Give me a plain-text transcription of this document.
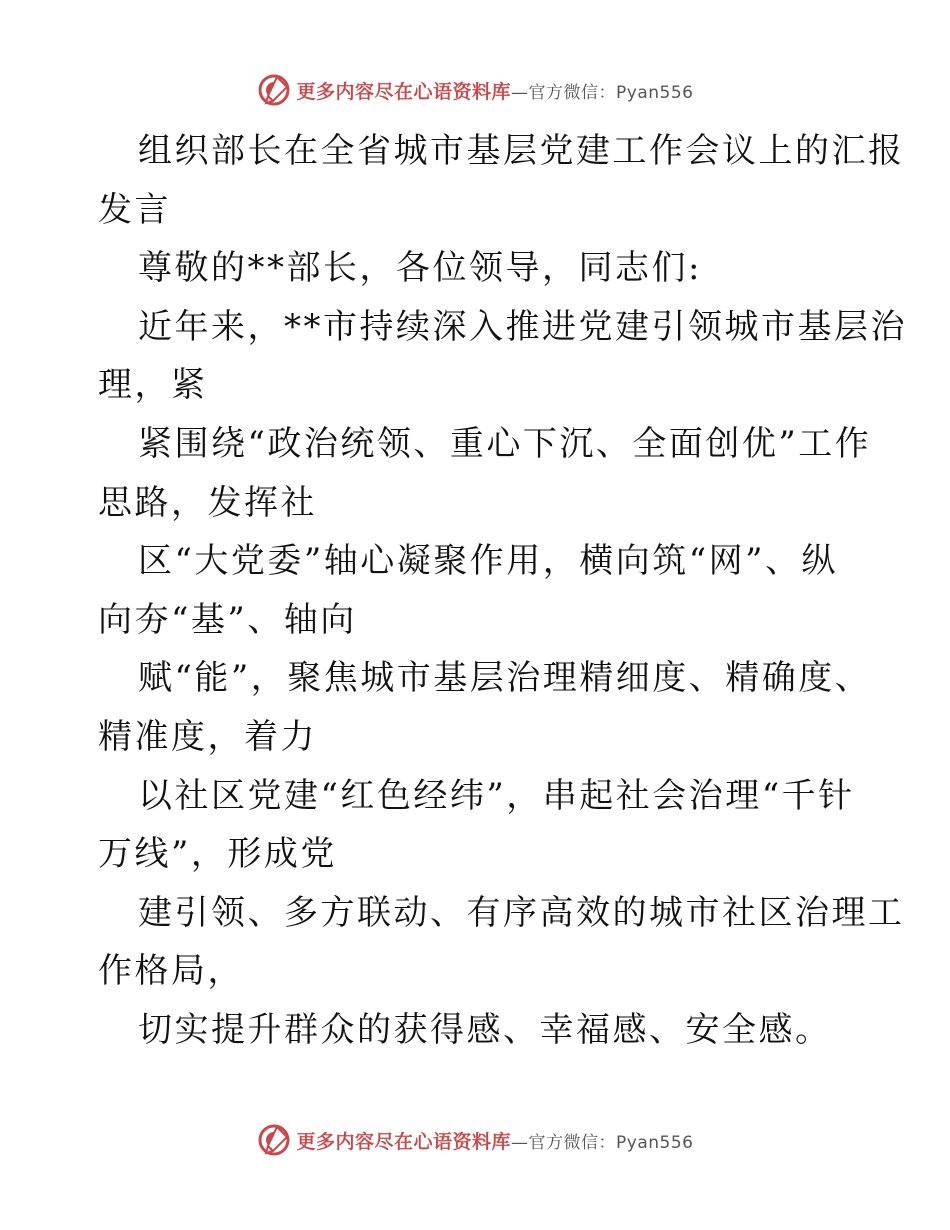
更多内容尽在心语资料库 —官方微信：Pyan556
组织部长在全省城市基层党建工作会议上的汇报
发言
尊敬的**部长，各位领导，同志们:
近年来，**市持续深入推进党建引领城市基层治
理，紧
紧围绕“政治统领、重心下沉、全面创优”工作
思路，发挥社
区“大党委”轴心凝聚作用，横向筑“网”、纵
向夯“基”、轴向
赋“能”，聚焦城市基层治理精细度、精确度、
精准度，着力
以社区党建“红色经纬”，串起社会治理“千针
万线”，形成党
建引领、多方联动、有序高效的城市社区治理工
作格局，
切实提升群众的获得感、幸福感、安全感。
更多内容尽在心语资料库 —官方微信：Pyan556
